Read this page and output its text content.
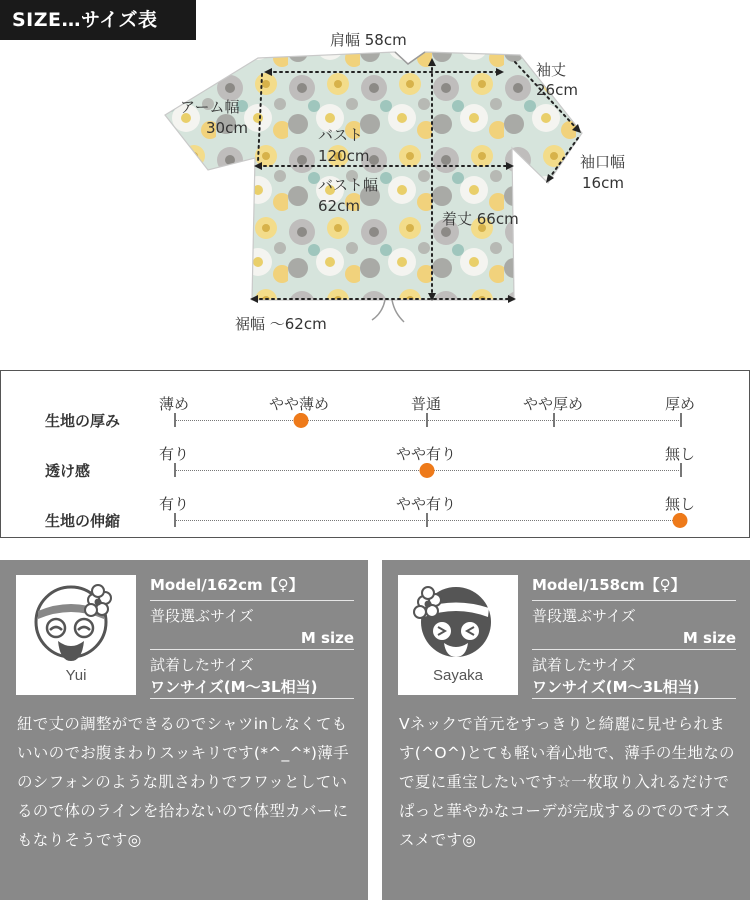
SIZE…サイズ表
肩幅 58cm
袖丈
26cm
アーム幅
30cm	バスト
120cm	袖口幅
16cm
バスト幅
62cm
着丈 66cm
裾幅 ～62cm
生地の厚み
薄め	やや薄め	普通	やや厚め	厚め
透け感
有り	やや有り	無し
生地の伸縮
有り	やや有り	無し
Yui
Model/162cm【♀】
普段選ぶサイズ
M size
試着したサイズ
ワンサイズ(M～3L相当)
紐で丈の調整ができるのでシャツinしなくてもいいのでお腹まわりスッキリです(*^_^*)薄手のシフォンのような肌さわりでフワッとしているので体のラインを拾わないので体型カバーにもなりそうです◎
Sayaka
Model/158cm【♀】
普段選ぶサイズ
M size
試着したサイズ
ワンサイズ(M～3L相当)
Vネックで首元をすっきりと綺麗に見せられます(^O^)とても軽い着心地で、薄手の生地なので夏に重宝したいです☆一枚取り入れるだけでぱっと華やかなコーデが完成するのでのでオススメです◎
